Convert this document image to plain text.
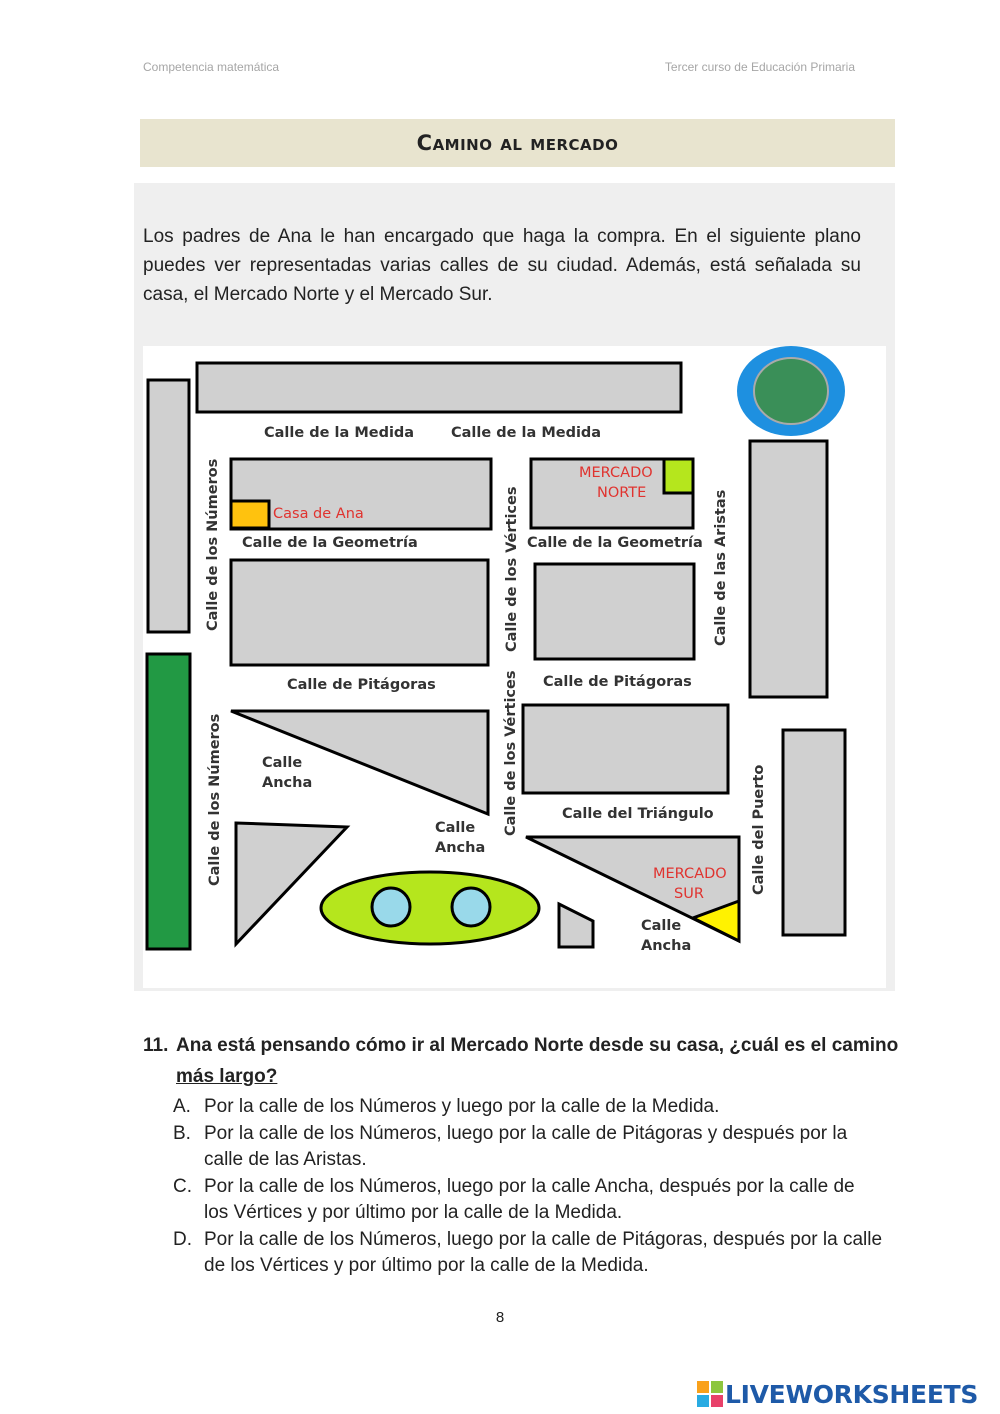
Competencia matemática	Tercer curso de Educación Primaria
Camino al mercado
Los padres de Ana le han encargado que haga la compra. En el siguiente plano puedes ver representadas varias calles de su ciudad. Además, está señalada su casa, el Mercado Norte y el Mercado Sur.
Calle de la Medida	Calle de la Medida
Calle de la Geometría	Calle de la Geometría
Calle de Pitágoras	Calle de Pitágoras
Calle del Triángulo
Calle de los Números
Calle de los Números
Calle de los Vértices
Calle de los Vértices
Calle de las Aristas
Calle del Puerto
Calle
Ancha
Calle
Ancha
Calle
Ancha
Casa de Ana
MERCADO
NORTE
MERCADO
SUR
11. Ana está pensando cómo ir al Mercado Norte desde su casa, ¿cuál es el camino
más largo?

A. Por la calle de los Números y luego por la calle de la Medida.

B. Por la calle de los Números, luego por la calle de Pitágoras y después por la calle de las Aristas.

C. Por la calle de los Números, luego por la calle Ancha, después por la calle de los Vértices y por último por la calle de la Medida.

D. Por la calle de los Números, luego por la calle de Pitágoras, después por la calle de los Vértices y por último por la calle de la Medida.

8
LIVEWORKSHEETS
